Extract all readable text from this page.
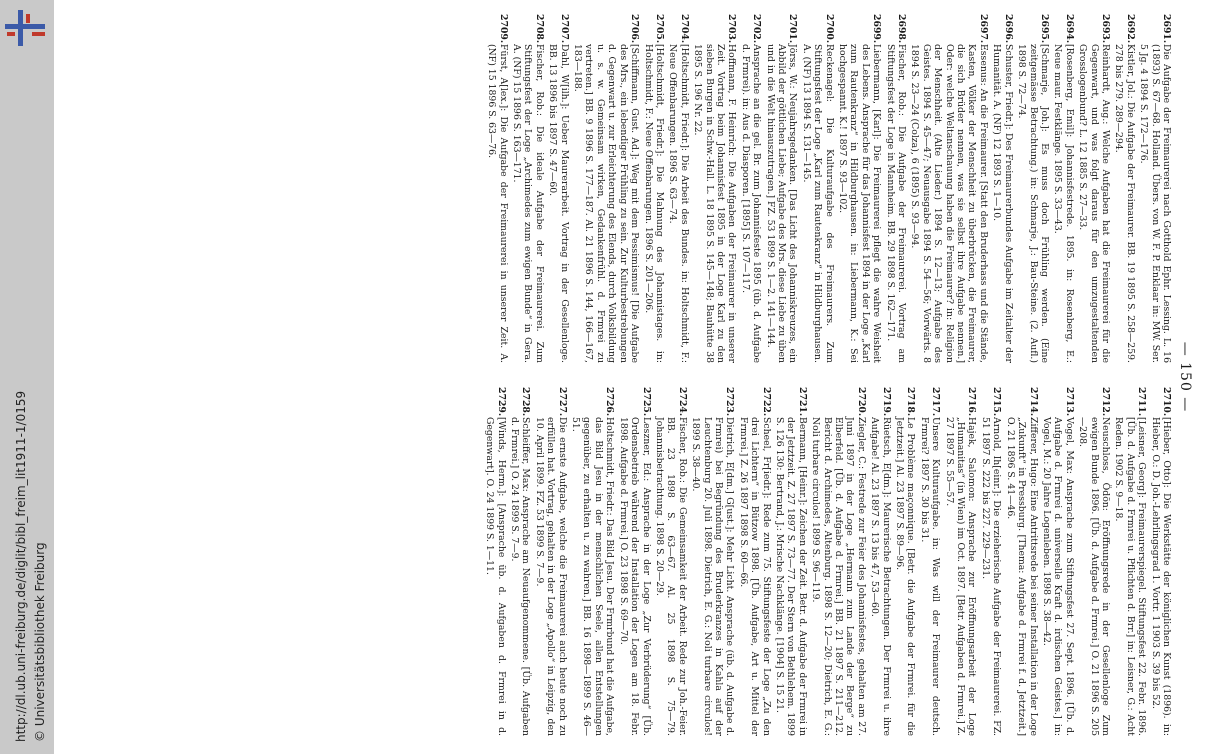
http://dl.ub.uni-freiburg.de/diglit/bibl_freim_lit1911-1/0159 © Universitätsbibliothek Freiburg
— 150 —
2691.
Die Aufgabe der Freimaurerei nach Gotthold Ephr. Lessing. L. 16 (1893) S. 67—68. Holland. Übers. von W. F. P. Enklaar in: MW. Ser. 5 Jg. 4 1894 S. 172—176.
2692.
Kistler, Jol.: Die Aufgabe der Freimaurer. BB. 19 1895 S. 258—259. 278 bis 279. 289—294.
2693.
Reinhardt, Aug.: Welche Aufgaben hat die Freimaurerei für die Gegenwart, und was folgt daraus für den umzugestaltenden Grosslogenbund? L. 12 1885 S. 27—33.
2694.
[Rosenberg, Emil]: Johannisfestrede. 1895. in: Rosenberg, E.: Neue maur. Festklänge. 1895 S. 33—43.
2695.
[Schmarje, Joh.]: Es muss doch Frühling werden. (Eine zeitgemässe Betrachtung.) in: Schmarje, J.: Bau-Steine. (2. Aufl.) 1898 S. 72—74.
2696.
Schuster, Friedr.]: Des Freimaurerbundes Aufgabe im Zeitalter der Humanität. A. (NF) 12 1893 S. 1—10.
2697.
Essenus: An die Freimaurer. [Statt den Bruderhass und die Stände, Kasten, Völker der Menschheit zu überbrücken, die Freimaurer, die sich Brüder nennen, was sie selbst ihre Aufgabe nennen.] Oder: welche Weltanschauung haben die Freimaurer? in: Religion der Menschheit. (Alte Lieder.) 1894 S. 12—13; Aufgabe des Geistes. 1894 S. 45—47; Neuausgabe 1894 S. 54—56; Vorwärts. 8 1894 S. 23—24 (Colza), 6 (1895) S. 93—94.
2698.
Fischer, Rob.: Die Aufgabe der Freimaurerei. Vortrag am Stiftungsfest der Loge in Mannheim. BB. 29 1898 S. 162—171.
2699.
Liebermann, [Karl]: Die Freimaurerei pflegt die wahre Weisheit des Lebens. Ansprache für das Johannisfest 1894 in der Loge „Karl zum Rautenkranz“ in Hildburghausen. in: Liebermann, K.: Sei hochgespannt. K.! 1897 S. 93—102.
2700.
Reckenagel: Die Kulturaufgabe des Freimaurers. Zum Stiftungsfest der Loge „Karl zum Rautenkranz“ in Hildburghausen. A. (NF) 13 1894 S. 131—145.
2701.
Jörss, W.: Neujahrsgedanken. [Das Licht des Johanniskreuzes, ein Abbild der göttlichen Liebe; Aufgabe des Mrs. diese Liebe zu üben und in die Welt hinauszutragen.] FZ. 53 1899 S. 1—2. 141—144.
2702.
Ansprache an die gel. Br. zum Johannisfeste 1895 (üb. d. Aufgabe d. Frmrei). in: Aus d. Diasporen. [1895] S. 107—117.
2703.
Hoffmann, F. Heinrich: Die Aufgaben der Freimaurer in unserer Zeit. Vortrag beim Johannisfest 1895 in der Loge Karl zu den sieben Burgen in Schw.-Hall. L. 18 1895 S. 145—148; Bauhütte 38 1895 S. 196 Nr. 22.
2704.
[Holtschmidt, Friedr.]: Die Arbeit des Bundes. in: Holtschmidt, F.: Neue Offenbarungen. 1896 S. 63—74.
2705.
[Holtschmidt, Friedr.]: Die Mahnung des Johannistages. in: Holtschmidt, F.: Neue Offenbarungen. 1896 S. 201—206.
2706.
[Schiffmann, Gust. Ad.]: Weg mit dem Pessimismus! [Die Aufgabe des Mrs., ein lebendiger Frühling zu sein. Zur Kulturbestrebungen d. Gegenwart u. zur Erleichterung des Elends, durch Volksbildung u. s. w. Gemeinsam wirken, Gedankenfrühl. d. Frmrei zu vertreten.] BB. 9 1896 S. 177—187. Al. 21 1896 S. 144, 166—167, 183—188.
2707.
Dahl, W[ilh.]: Ueber Maurerarbeit. Vortrag in der Gesellenloge. BB. 13 1896 bis 1897 S. 47—60.
2708.
Fischer, Rob.: Die ideale Aufgabe der Freimaurerei. Zum Stiftungsfest der Loge „Archimedes zum ewigen Bunde“ in Gera. A. (NF) 15 1896 S. 163—171.
2709.
Fürst, A[lex.]: Die Aufgabe der Freimaurerei in unserer Zeit. A. (NF) 15 1896 S. 63—76.
2710.
[Hieber, Otto]: Die Werkstätte der königlichen Kunst (1896). in: Hieber, O.: D. Joh.-Lehrlingsgrad 1. Vortr. 1 1903 S. 39 bis 52.
2711.
[Leisner, Georg]: Freimaurerspiegel. Stiftungsfest 22. Febr. 1896. [Üb. d. Aufgabe d. Frmrei u. Pflichten d. Brr.] in: Leisner, G.: Acht Reden. 1902 S. 9—18.
2712.
Neuschloss, Ödön: Eröffnungsrede in der Gesellenloge Zum ewigen Bunde 1896. [Üb. d. Aufgabe d. Frmrei.] O. 21 1896 S. 205—208.
2713.
Vogel, Max: Ansprache zum Stiftungsfest 27. Sept. 1896. [Üb. d. Aufgabe d. Frmrei d. universelle Kraft d. irdischen Geistes.] in: Vogel, M.: 20 Jahre Logenleben. 1898 S. 38—42.
2714.
Zifferer, Hugo: Eine Antrittsrede bei seiner Installation in der Loge „Zukunft“ in Pressburg. [Thema: Aufgabe d. Frmrei f. d. Jetztzeit.] O. 21 1896 S. 41—46.
2715.
Arnold, Ih[einr.]: Die erzieherische Aufgabe der Freimaurerei. FZ. 51 1897 S. 222 bis 227. 229—231.
2716.
Hajek, Salomon: Ansprache zur Eröffnungsarbeit der Loge „Humanitas“ (in Wien) im Oct. 1897. [Betr. Aufgaben d. Frmrei.] Z. 27 1897 S. 55—57.
2717.
Unsere Kulturaufgabe. in: Was will der Freimaurer deutsch. Frmrei? 1897 S. 30 bis 31.
2718.
Le Problème maçonnique. [Betr. die Aufgabe der Frmrei. für die Jetztzeit.] Al. 23 1897 S. 89—96.
2719.
Rüetsch, E[dm.]: Maurerische Betrachtungen. Der Frmrei u. ihre Aufgabe! Al. 23 1897 S. 13 bis 47, 53—60.
2720.
Ziegler, C.: Festrede zur Feier des Johannisfestes, gehalten am 27. Juni 1897 in der Loge „Hermann zum Lande der Berge“ zu Elberfeld. [Üb. d. Aufgabe d. Frmrei.] BB. 21 1897 S. 211—212. Bericht d. Archimedes, Altenburg. 1898 S. 12—20; Dietrich, E. G.: Noli turbare circulos! 1899 S. 96—119.
2721.
Bermann, [Heinr.]: Zeichen der Zeit. Betr. d. Aufgabe der Frmrei in der Jetztzeit. Z. 27 1897 S. 73—77. Der Stern von Bethlehem. 1899 S. 126 130: Bertrand, J.: Mrische Nachklänge. [1904] S. 15 21.
2722.
Scheel, Fr[iedr.]: Rede zum 75. Stiftungsfeste der Loge „Zu den drei Lichtern“ in Bützow 1898. [Üb. Aufgabe, Art u. Mittel der Frmrei.] Z. 26 1897 1898 S. 60—66.
2723.
Dietrich, E[dm.] G[ust.]: Mehr Licht. Ansprache (üb. d. Aufgabe d. Frmrei) bei Begründung des Bruderkranzes in Kahla auf der Leuchtenburg 20. Juli 1898. Dietrich, E. G.: Noli turbare circulos! 1899 S. 38—40.
2724.
Fischer, Rob.: Die Gemeinsamkeit der Arbeit. Rede zur Joh.-Feier. BB. 23 1898 S. 63—67. Al. 25 1898 S. 75—79. Johannisbetrachtung. 1898 S. 20—29.
2725.
Leszner, Ed.: Ansprache in der Loge „Zur Verbrüderung“ [Üb. Ordensbetrieb während der Installation der Logen am 18. Febr. 1898. Aufgabe d. Frmrei.] O. 23 1898 S. 69—70.
2726.
Holtschmidt, Friedr.: Das Bild Jesu. Der Frmrbund hat die Aufgabe, das Bild Jesu in der menschlichen Seele, allen Entstellungen gegenüber, zu erhalten u. zu wahren.] BB. 16 1898—1899 S. 46—51.
2727.
Die ernste Aufgabe, welche die Freimaurerei auch heute noch zu erfüllen hat. Vortrag, gehalten in der Loge „Apollo“ in Leipzig, den 10. April 1899. FZ. 53 1899 S. 7—9.
2728.
Schleiffer, Max: Ansprache am Neuaufgenommene. [Üb. Aufgaben d. Frmrei.] O. 24 1899 S. 7—9.
2729.
[Winds, Herm.]: [Ansprache üb. d. Aufgaben d. Frmrei in d. Gegenwart]. O. 24 1899 S. 1—11.
